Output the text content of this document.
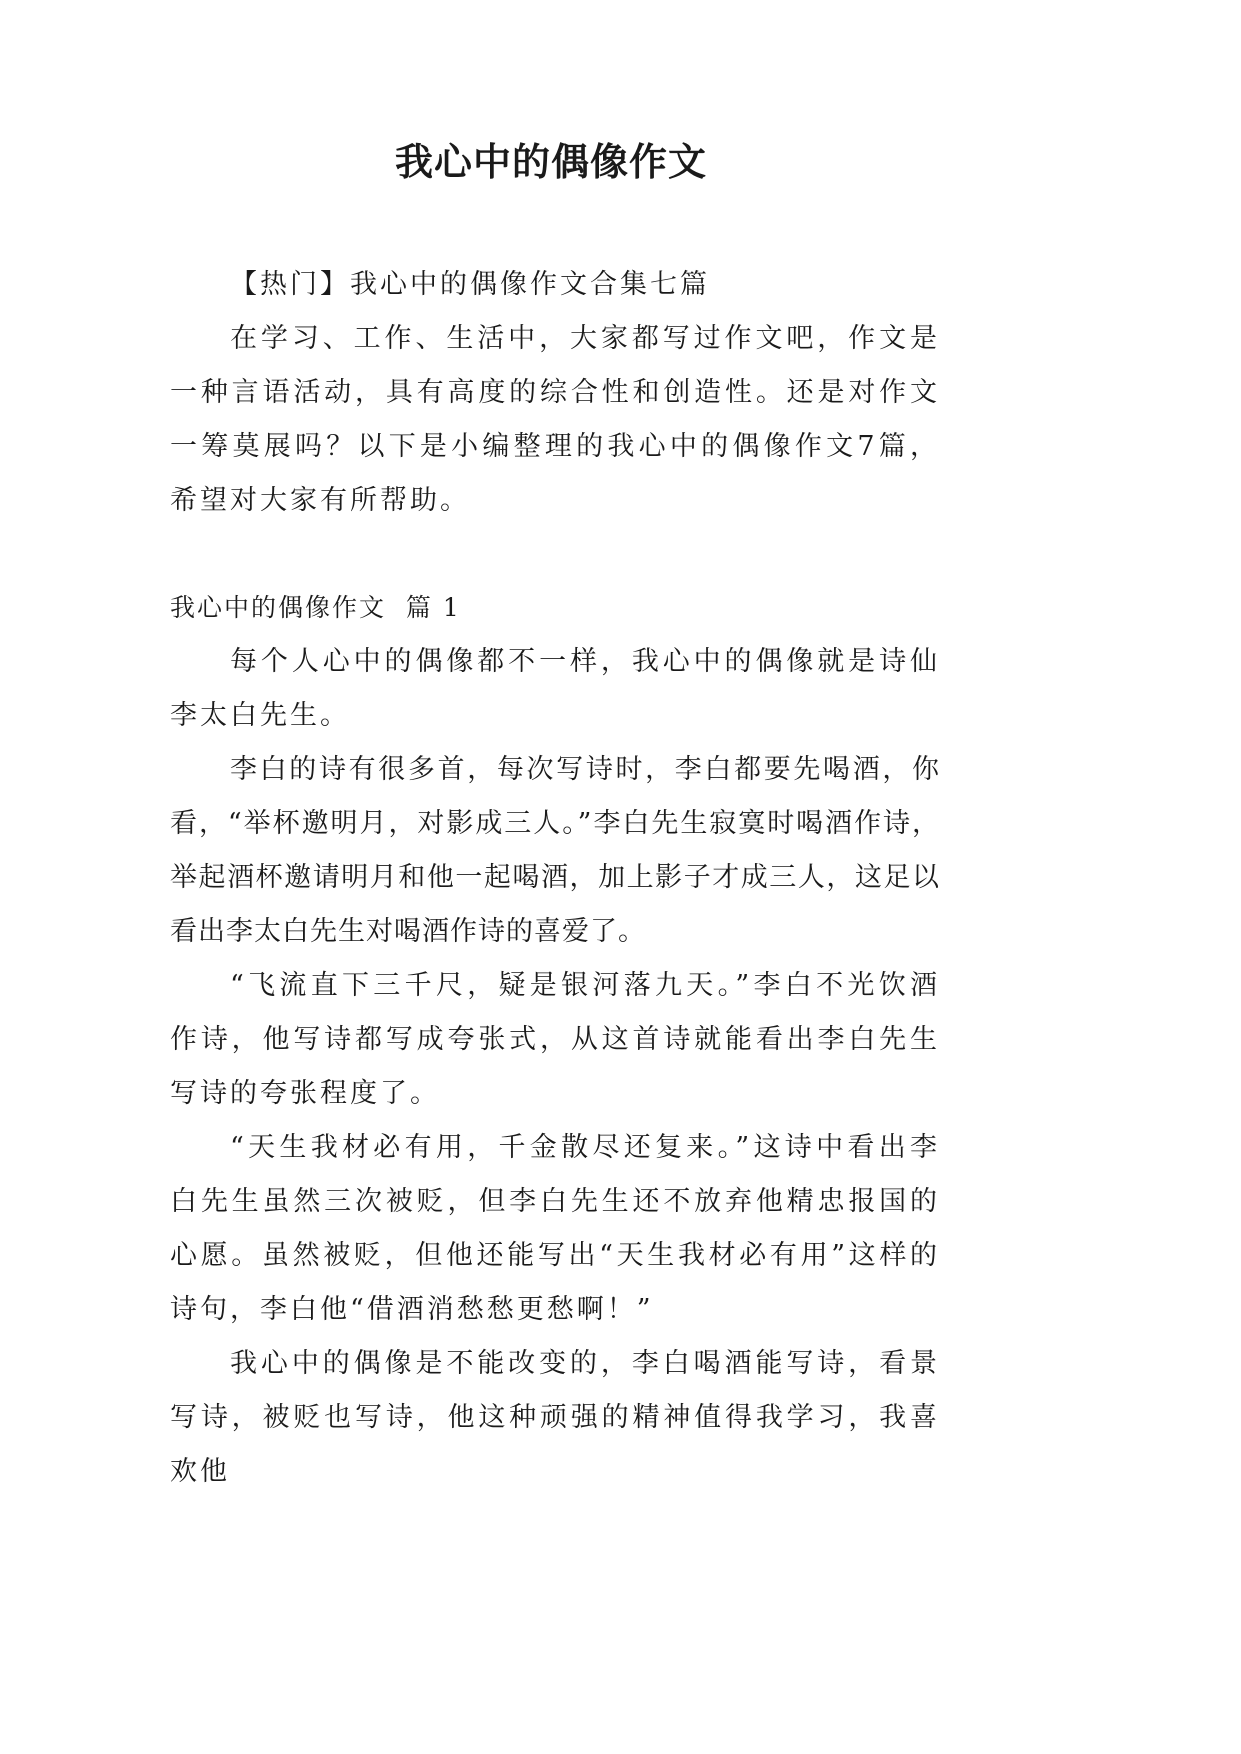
我心中的偶像作文

【热门】我心中的偶像作文合集七篇

在学习、工作、生活中，大家都写过作文吧，作文是一种言语活动，具有高度的综合性和创造性。还是对作文一筹莫展吗？以下是小编整理的我心中的偶像作文7篇，希望对大家有所帮助。

我心中的偶像作文  篇 1

每个人心中的偶像都不一样，我心中的偶像就是诗仙李太白先生。

李白的诗有很多首，每次写诗时，李白都要先喝酒，你看，“举杯邀明月，对影成三人。”李白先生寂寞时喝酒作诗，举起酒杯邀请明月和他一起喝酒，加上影子才成三人，这足以看出李太白先生对喝酒作诗的喜爱了。

“飞流直下三千尺，疑是银河落九天。”李白不光饮酒作诗，他写诗都写成夸张式，从这首诗就能看出李白先生写诗的夸张程度了。

“天生我材必有用，千金散尽还复来。”这诗中看出李白先生虽然三次被贬，但李白先生还不放弃他精忠报国的心愿。虽然被贬，但他还能写出“天生我材必有用”这样的诗句，李白他“借酒消愁愁更愁啊！”

我心中的偶像是不能改变的，李白喝酒能写诗，看景写诗，被贬也写诗，他这种顽强的精神值得我学习，我喜欢他
